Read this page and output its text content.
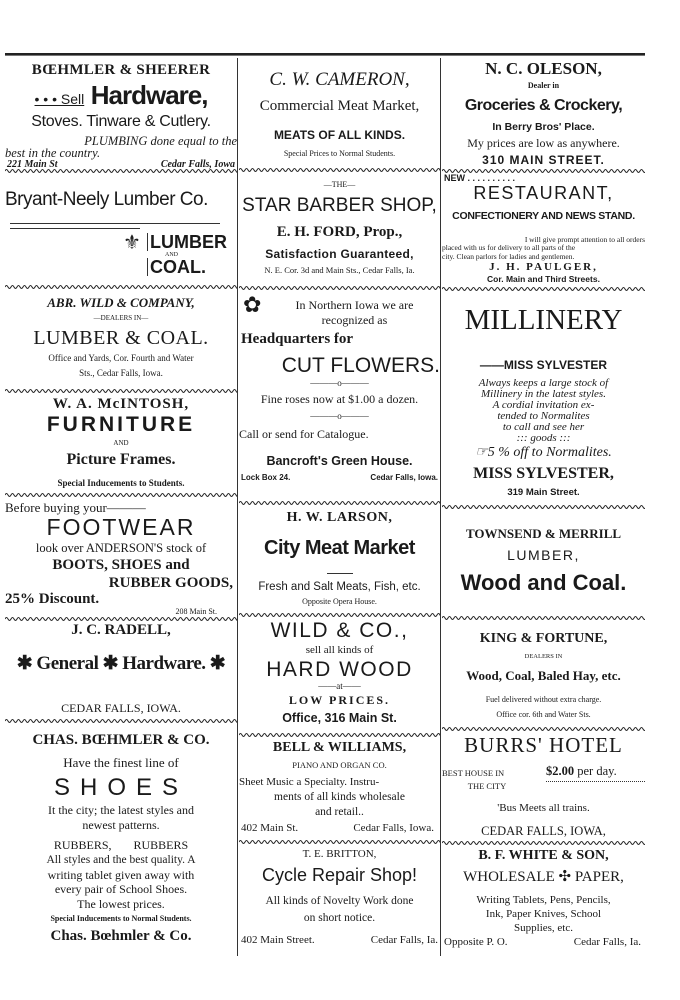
BŒHMLER & SHEERER
• • • Sell Hardware,
Stoves. Tinware & Cutlery.
PLUMBING done equal to the
best in the country.
221 Main St	Cedar Falls, Iowa
Bryant-Neely Lumber Co.
⚜ LUMBER
AND
COAL.
ABR. WILD & COMPANY,
—DEALERS IN—
LUMBER & COAL.
Office and Yards, Cor. Fourth and Water
Sts., Cedar Falls, Iowa.
W. A. McINTOSH,
FURNITURE
AND
Picture Frames.
Special Inducements to Students.
Before buying your———
FOOTWEAR
look over ANDERSON'S stock of
BOOTS, SHOES and
RUBBER GOODS,
25% Discount.
208 Main St.
J. C. RADELL,
✱ General ✱ Hardware. ✱
CEDAR FALLS, IOWA.
CHAS. BŒHMLER & CO.
Have the finest line of
SHOES
It the city; the latest styles and
newest patterns.
RUBBERS, RUBBERS
All styles and the best quality. A
writing tablet given away with
every pair of School Shoes.
The lowest prices.
Special Inducements to Normal Students.
Chas. Bœhmler & Co.
C. W. CAMERON,
Commercial Meat Market,
MEATS OF ALL KINDS.
Special Prices to Normal Students.
—THE—
STAR BARBER SHOP,
E. H. FORD, Prop.,
Satisfaction Guaranteed,
N. E. Cor. 3d and Main Sts., Cedar Falls, Ia.
✿	In Northern Iowa we are
recognized as
Headquarters for
CUT FLOWERS.
———o———
Fine roses now at $1.00 a dozen.
———o———
Call or send for Catalogue.
Bancroft's Green House.
Lock Box 24.	Cedar Falls, Iowa.
H. W. LARSON,
City Meat Market
Fresh and Salt Meats, Fish, etc.
Opposite Opera House.
WILD & CO.,
sell all kinds of
HARD WOOD
——at——
LOW PRICES.
Office, 316 Main St.
BELL & WILLIAMS,
PIANO AND ORGAN CO.
Sheet Music a Specialty. Instru-
ments of all kinds wholesale
and retail..
402 Main St.	Cedar Falls, Iowa.
T. E. BRITTON,
Cycle Repair Shop!
All kinds of Novelty Work done
on short notice.
402 Main Street.	Cedar Falls, Ia.
N. C. OLESON,
Dealer in
Groceries & Crockery,
In Berry Bros' Place.
My prices are low as anywhere.
310 MAIN STREET.
NEW . . . . . . . . . .
RESTAURANT,
CONFECTIONERY AND NEWS STAND.
I will give prompt attention to all orders
placed with us for delivery to all parts of the
city. Clean parlors for ladies and gentlemen.
J. H. PAULGER,
Cor. Main and Third Streets.
MILLINERY
——MISS SYLVESTER
Always keeps a large stock of
Millinery in the latest styles.
A cordial invitation ex-
tended to Normalites
to call and see her
::: goods :::
☞5 % off to Normalites.
MISS SYLVESTER,
319 Main Street.
TOWNSEND & MERRILL
LUMBER,
Wood and Coal.
KING & FORTUNE,
DEALERS IN
Wood, Coal, Baled Hay, etc.
Fuel delivered without extra charge.
Office cor. 6th and Water Sts.
BURRS' HOTEL
BEST HOUSE IN
THE CITY
$2.00 per day.
'Bus Meets all trains.
CEDAR FALLS, IOWA,
B. F. WHITE & SON,
WHOLESALE ✣ PAPER,
Writing Tablets, Pens, Pencils,
Ink, Paper Knives, School
Supplies, etc.
Opposite P. O.	Cedar Falls, Ia.
